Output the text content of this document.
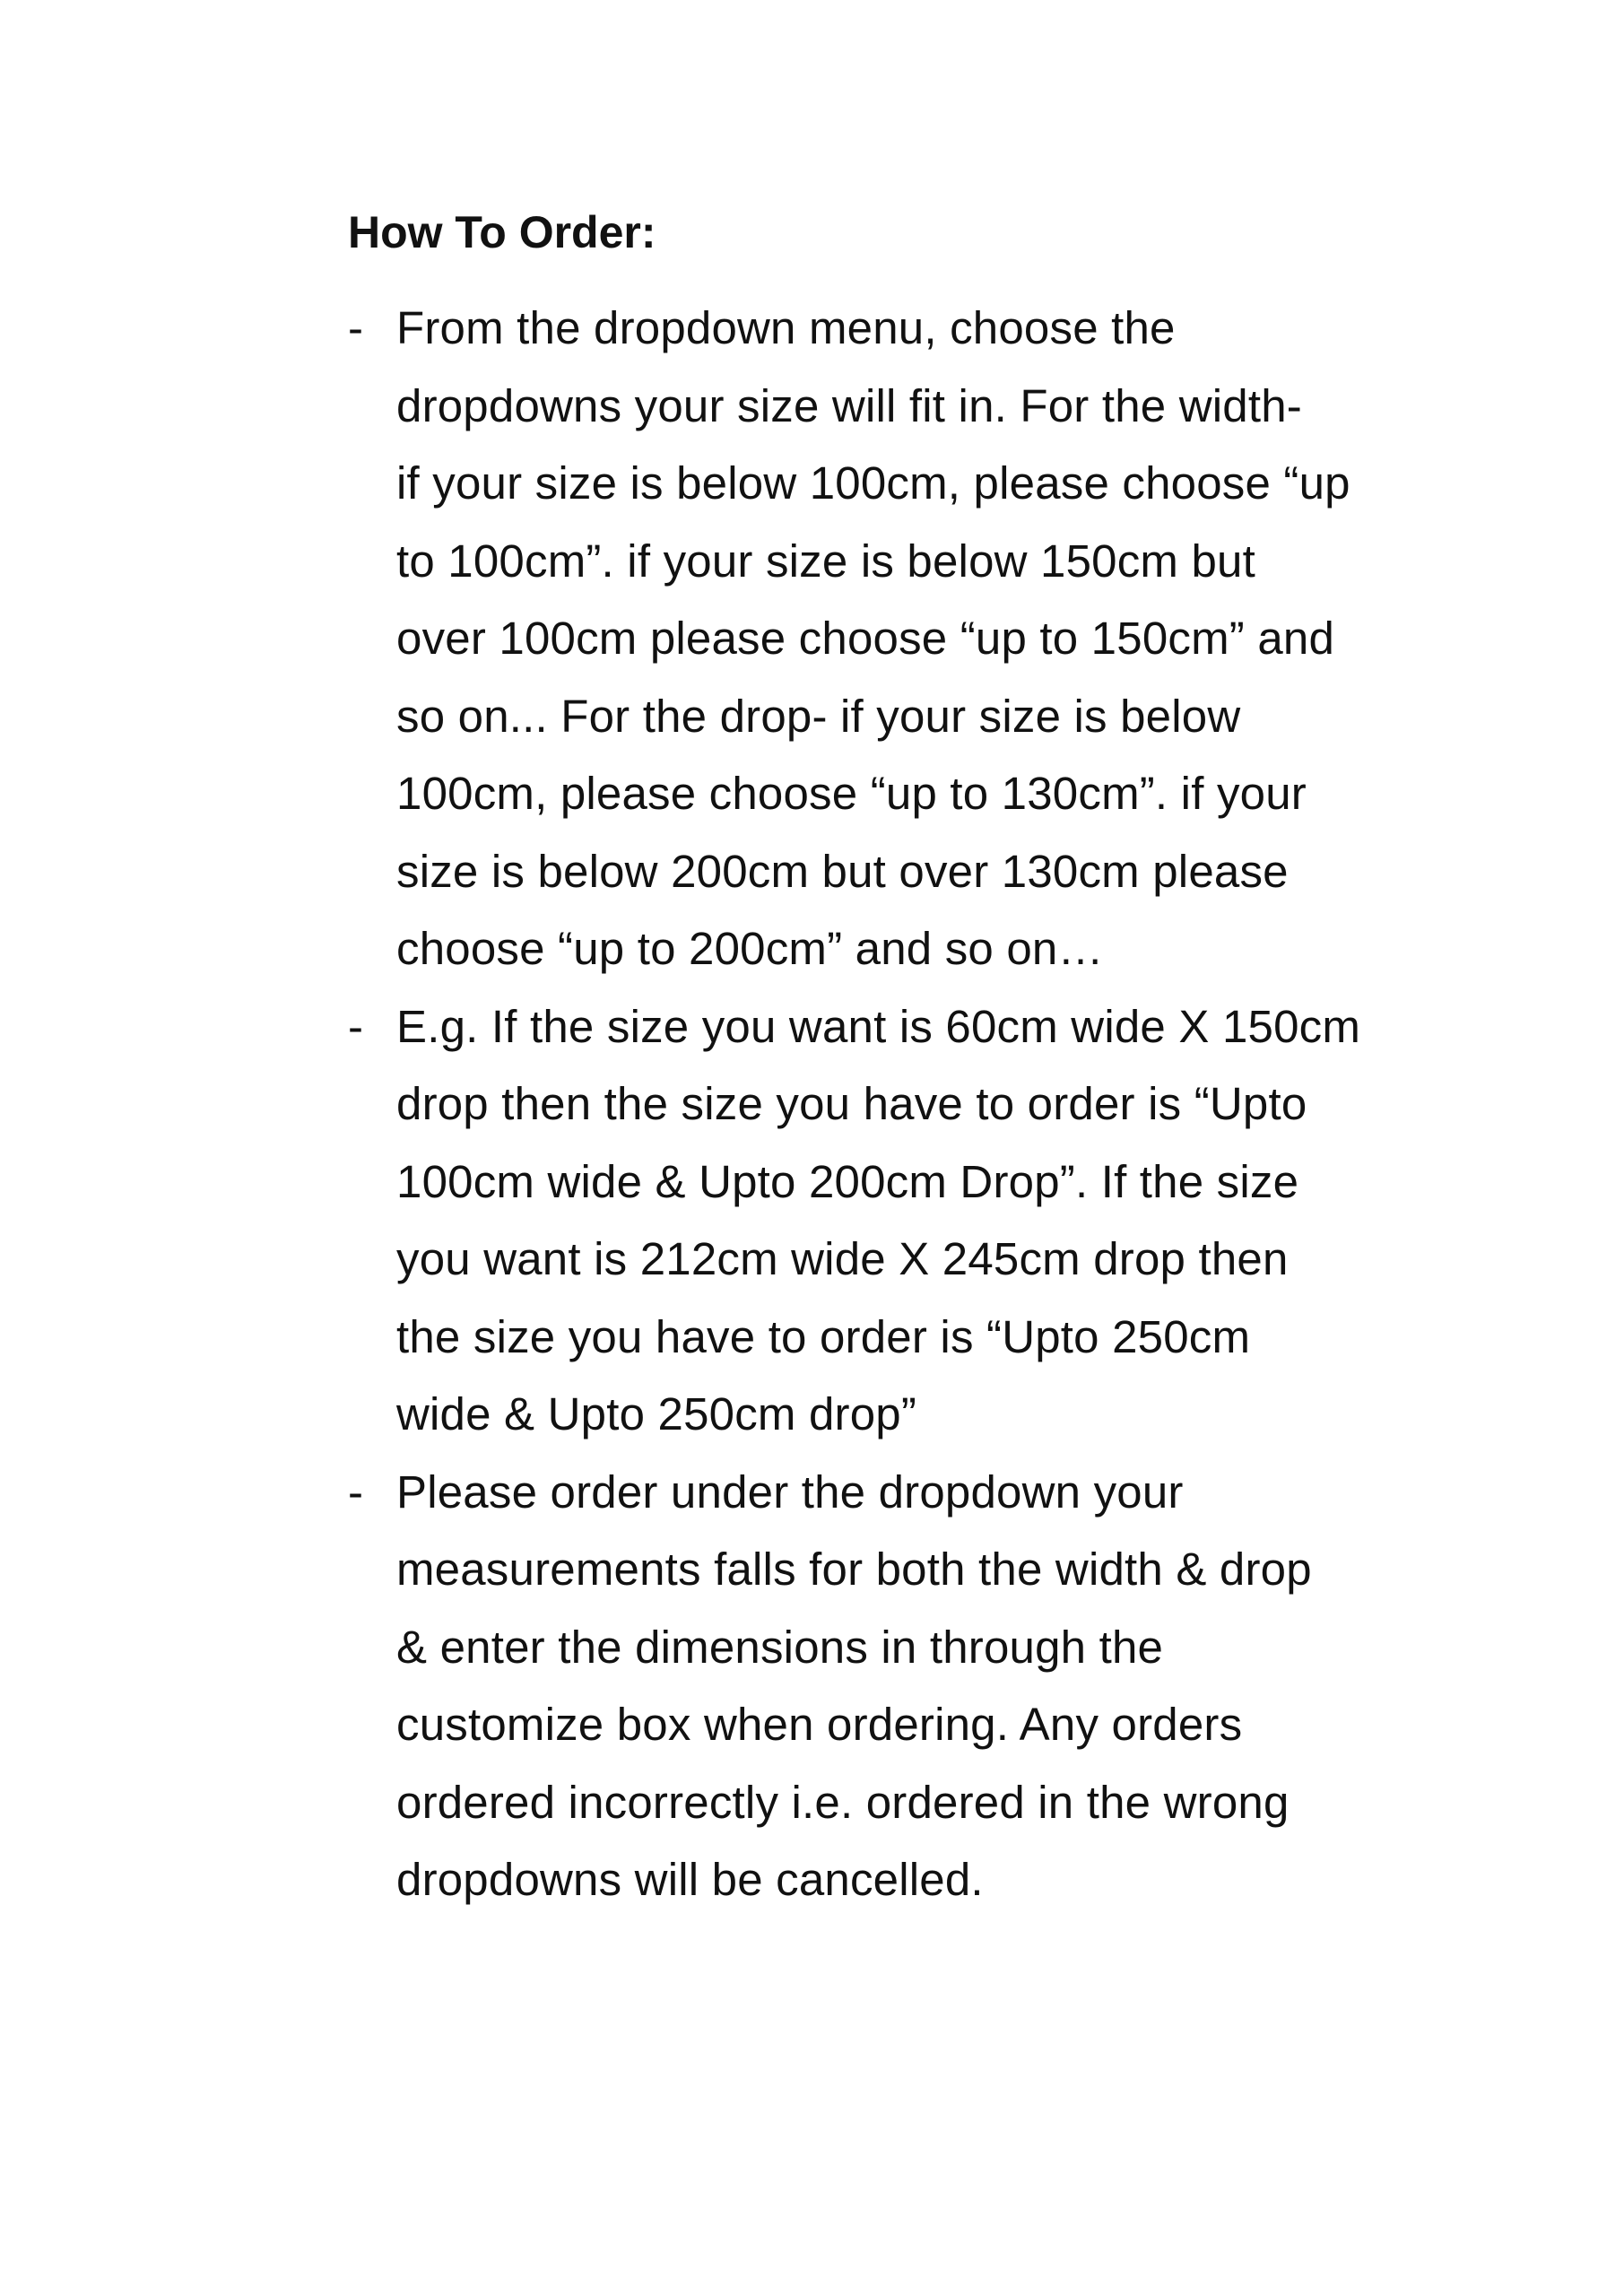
How To Order:
- From the dropdown menu, choose the
dropdowns your size will fit in. For the width-
if your size is below 100cm, please choose “up
to 100cm”. if your size is below 150cm but
over 100cm please choose “up to 150cm” and
so on... For the drop- if your size is below
100cm, please choose “up to 130cm”. if your
size is below 200cm but over 130cm please
choose “up to 200cm” and so on…
- E.g. If the size you want is 60cm wide X 150cm
drop then the size you have to order is “Upto
100cm wide & Upto 200cm Drop”. If the size
you want is 212cm wide X 245cm drop then
the size you have to order is “Upto 250cm
wide & Upto 250cm drop”
- Please order under the dropdown your
measurements falls for both the width & drop
& enter the dimensions in through the
customize box when ordering. Any orders
ordered incorrectly i.e. ordered in the wrong
dropdowns will be cancelled.
